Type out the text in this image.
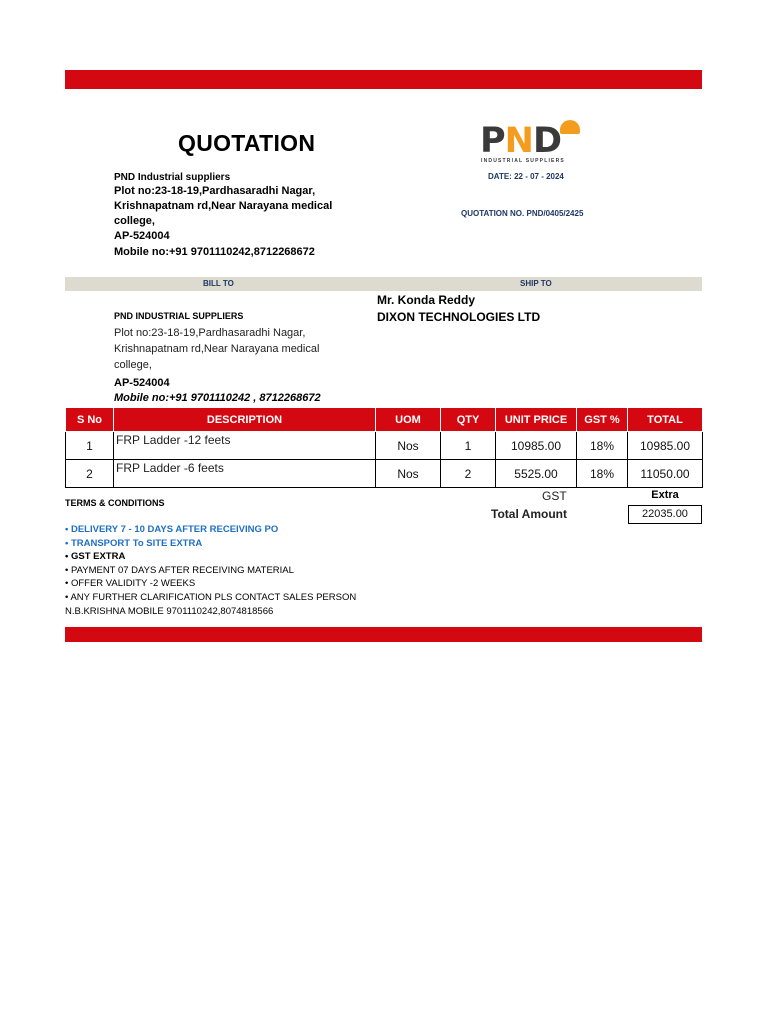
QUOTATION
PND Industrial suppliers
Plot no:23-18-19,Pardhasaradhi Nagar, Krishnapatnam rd,Near Narayana medical college,
AP-524004
Mobile no:+91 9701110242,8712268672
PND
INDUSTRIAL SUPPLIERS
DATE: 22 - 07 - 2024
QUOTATION NO. PND/0405/2425
BILL TO	SHIP TO
PND INDUSTRIAL SUPPLIERS
Plot no:23-18-19,Pardhasaradhi Nagar, Krishnapatnam rd,Near Narayana medical college,
AP-524004
Mobile no:+91 9701110242 , 8712268672
Mr. Konda Reddy
DIXON TECHNOLOGIES LTD
S No	DESCRIPTION	UOM	QTY	UNIT PRICE	GST %	TOTAL
1	FRP Ladder -12 feets	Nos	1	10985.00	18%	10985.00
2	FRP Ladder -6 feets	Nos	2	5525.00	18%	11050.00
TERMS & CONDITIONS	GST	Extra
Total Amount	22035.00
• DELIVERY 7 - 10 DAYS AFTER RECEIVING PO
• TRANSPORT To SITE EXTRA
• GST EXTRA
• PAYMENT 07 DAYS AFTER RECEIVING MATERIAL
• OFFER VALIDITY -2 WEEKS
• ANY FURTHER CLARIFICATION PLS CONTACT SALES PERSON
N.B.KRISHNA MOBILE 9701110242,8074818566
